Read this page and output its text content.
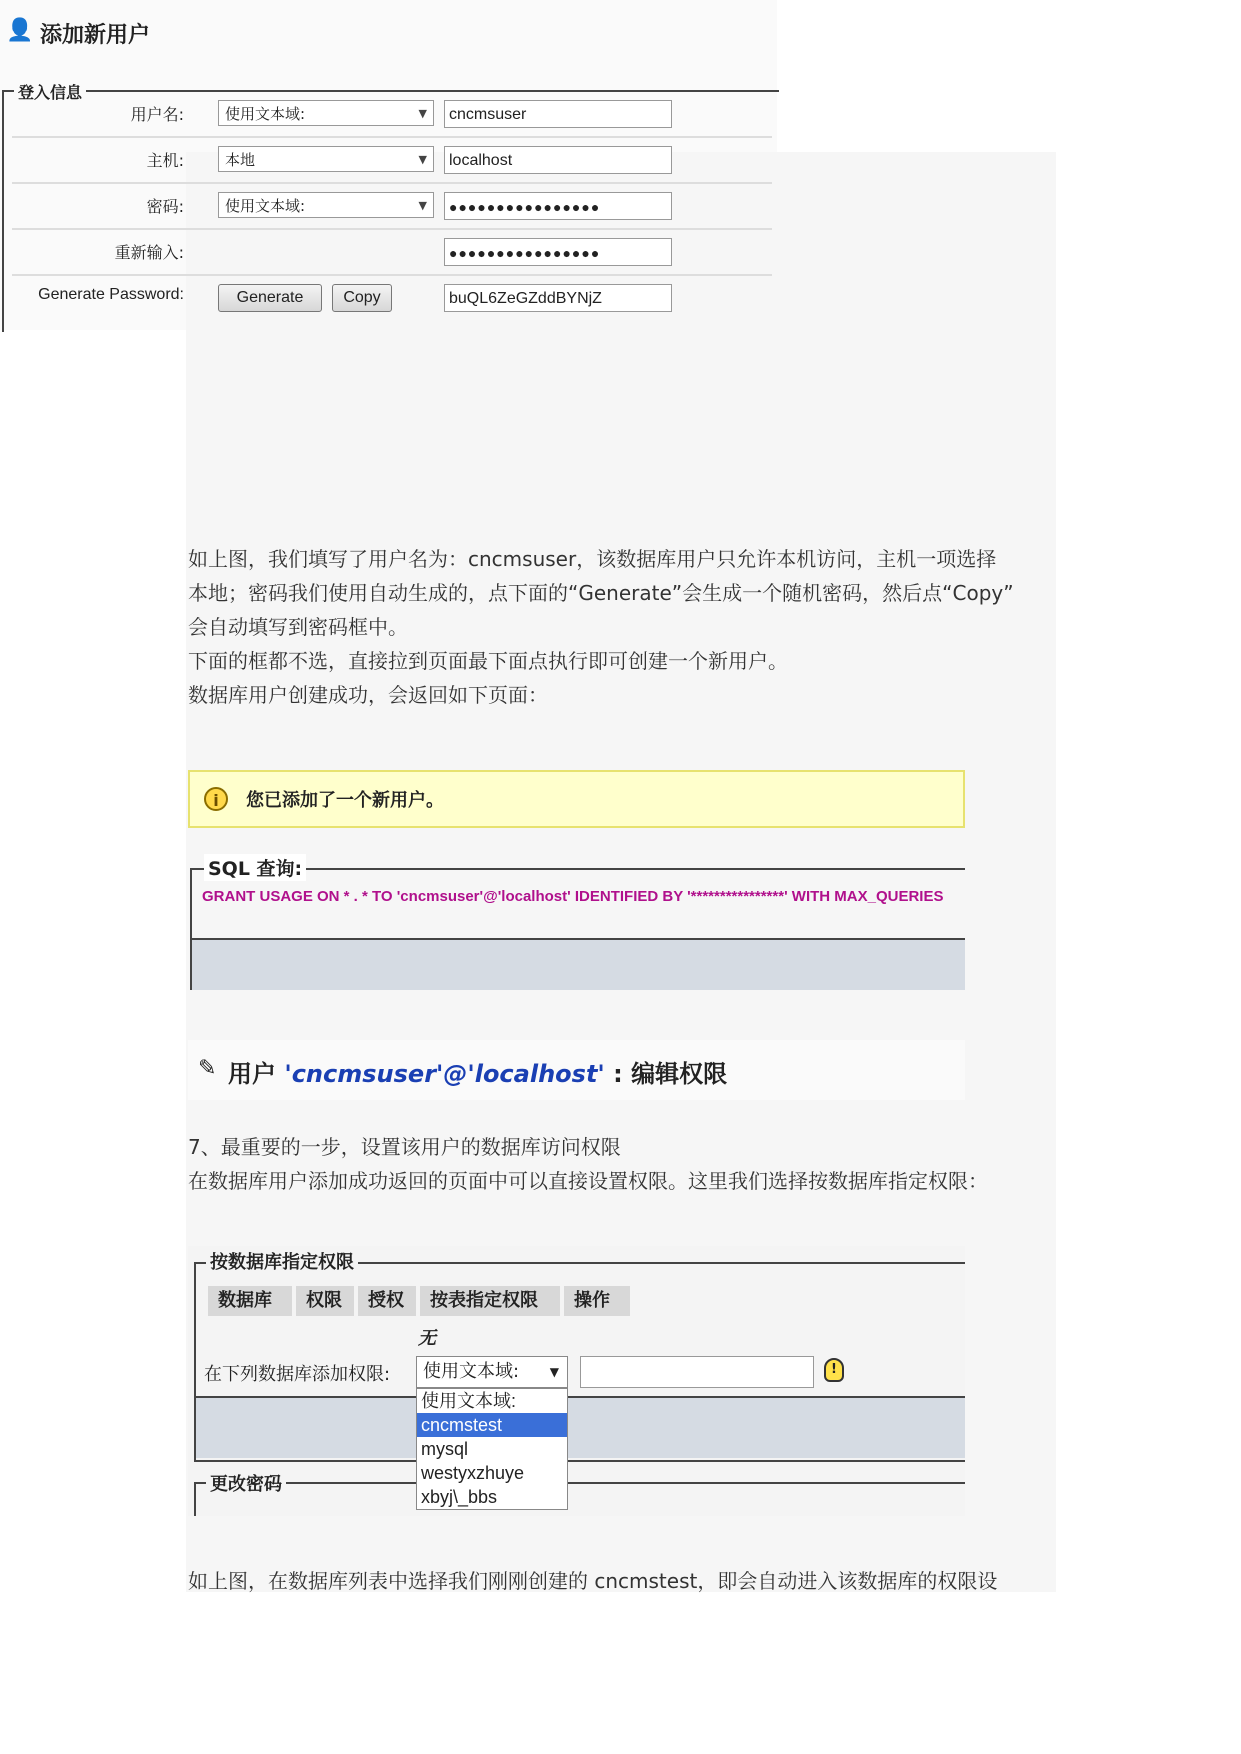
👤 添加新用户
登入信息
用户名:	使用文本域:	▼	cncmsuser
主机:	本地	▼	localhost
密码:	使用文本域:	▼	●●●●●●●●●●●●●●●●
重新输入:	●●●●●●●●●●●●●●●●
Generate Password:	Generate	Copy	buQL6ZeGZddBYNjZ
如上图，我们填写了用户名为：cncmsuser，该数据库用户只允许本机访问，主机一项选择
本地；密码我们使用自动生成的，点下面的“Generate”会生成一个随机密码，然后点“Copy”
会自动填写到密码框中。
下面的框都不选，直接拉到页面最下面点执行即可创建一个新用户。
数据库用户创建成功，会返回如下页面：
i	您已添加了一个新用户。
SQL 查询:
GRANT USAGE ON * . * TO 'cncmsuser'@'localhost' IDENTIFIED BY '****************' WITH MAX_QUERIES
✎ 用户 'cncmsuser'@'localhost' : 编辑权限
7、最重要的一步，设置该用户的数据库访问权限
在数据库用户添加成功返回的页面中可以直接设置权限。这里我们选择按数据库指定权限：
按数据库指定权限
数据库	权限	授权	按表指定权限	操作
无
在下列数据库添加权限:	使用文本域:	▼	!
更改密码
使用文本域:
cncmstest
mysql
westyxzhuye
xbyj\_bbs
如上图，在数据库列表中选择我们刚刚创建的 cncmstest，即会自动进入该数据库的权限设
